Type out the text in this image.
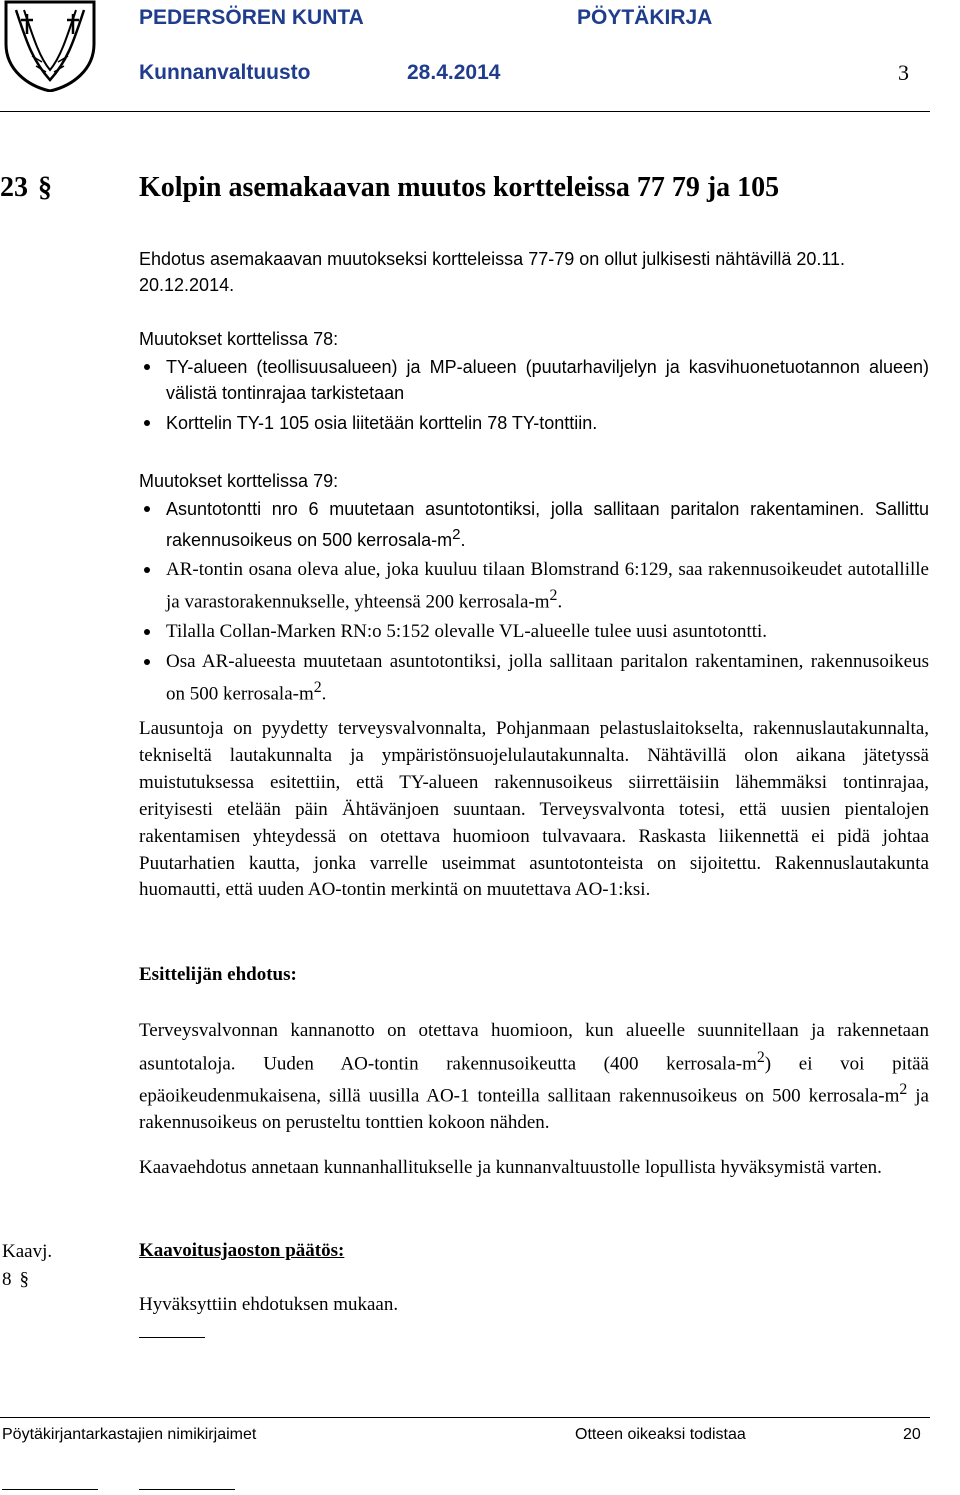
PEDERSÖREN KUNTA	PÖYTÄKIRJA
Kunnanvaltuusto	28.4.2014	3
23 §	Kolpin asemakaavan muutos kortteleissa 77 79 ja 105

Ehdotus asemakaavan muutokseksi kortteleissa 77-79 on ollut julkisesti nähtävillä 20.11. 20.12.2014.

Muutokset korttelissa 78:
TY-alueen (teollisuusalueen) ja MP-alueen (puutarhaviljelyn ja kasvihuonetuotannon alueen) välistä tontinrajaa tarkistetaan
Korttelin TY-1 105 osia liitetään korttelin 78 TY-tonttiin.
Muutokset korttelissa 79:
Asuntotontti nro 6 muutetaan asuntotontiksi, jolla sallitaan paritalon rakentaminen. Sallittu rakennusoikeus on 500 kerrosala-$m^2$.
AR-tontin osana oleva alue, joka kuuluu tilaan Blomstrand 6:129, saa rakennusoikeudet autotallille ja varastorakennukselle, yhteensä 200 kerrosala-$m^2$.
Tilalla Collan-Marken RN:o 5:152 olevalle VL-alueelle tulee uusi asuntotontti.
Osa AR-alueesta muutetaan asuntotontiksi, jolla sallitaan paritalon rakentaminen, rakennusoikeus on 500 kerrosala-$m^2$.

Lausuntoja on pyydetty terveysvalvonnalta, Pohjanmaan pelastuslaitokselta, rakennuslautakunnalta, tekniseltä lautakunnalta ja ympäristönsuojelulautakunnalta. Nähtävillä olon aikana jätetyssä muistutuksessa esitettiin, että TY-alueen rakennusoikeus siirrettäisiin lähemmäksi tontinrajaa, erityisesti etelään päin Ähtävänjoen suuntaan. Terveysvalvonta totesi, että uusien pientalojen rakentamisen yhteydessä on otettava huomioon tulvavaara. Raskasta liikennettä ei pidä johtaa Puutarhatien kautta, jonka varrelle useimmat asuntotonteista on sijoitettu. Rakennuslautakunta huomautti, että uuden AO-tontin merkintä on muutettava AO-1:ksi.

Esittelijän ehdotus:

Terveysvalvonnan kannanotto on otettava huomioon, kun alueelle suunnitellaan ja rakennetaan asuntotaloja. Uuden AO-tontin rakennusoikeutta (400 kerrosala-$m^2$) ei voi pitää epäoikeudenmukaisena, sillä uusilla AO-1 tonteilla sallitaan rakennusoikeus on 500 kerrosala-$m^2$ ja rakennusoikeus on perusteltu tonttien kokoon nähden.

Kaavaehdotus annetaan kunnanhallitukselle ja kunnanvaltuustolle lopullista hyväksymistä varten.

Kaavj.
8 §
Kaavoitusjaoston päätös:
Hyväksyttiin ehdotuksen mukaan.
Pöytäkirjantarkastajien nimikirjaimet	Otteen oikeaksi todistaa	20
